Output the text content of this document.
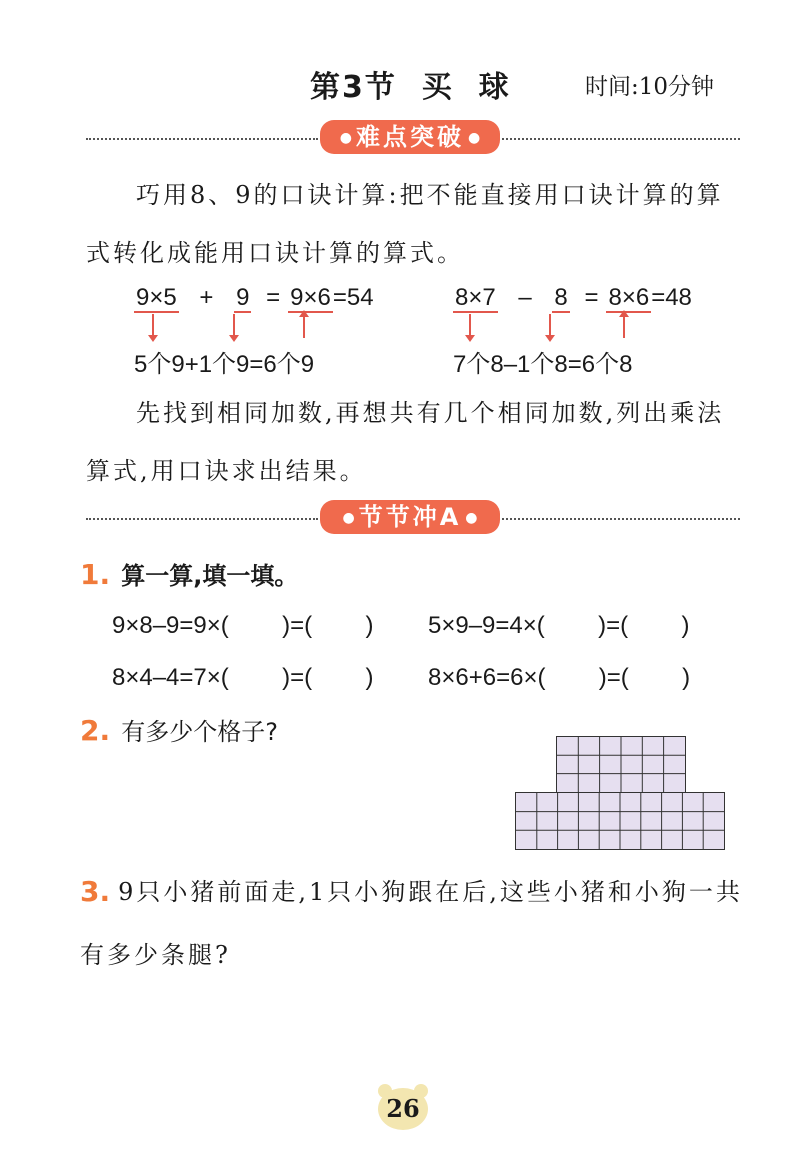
第3节  买  球	时间:10分钟
● 难点突破 ●
巧用8、9的口诀计算:把不能直接用口诀计算的算式转化成能用口诀计算的算式。
9×5 + 9 = 9×6=54
5个9+1个9=6个9
8×7 – 8 = 8×6=48
7个8–1个8=6个8
先找到相同加数,再想共有几个相同加数,列出乘法算式,用口诀求出结果。
● 节节冲A ●
1. 算一算,填一填。
9×8–9=9×(        )=(        ) 5×9–9=4×(        )=(        )
8×4–4=7×(        )=(        ) 8×6+6=6×(        )=(        )
2. 有多少个格子?
3. 9只小猪前面走,1只小狗跟在后,这些小猪和小狗一共有多少条腿?
26
